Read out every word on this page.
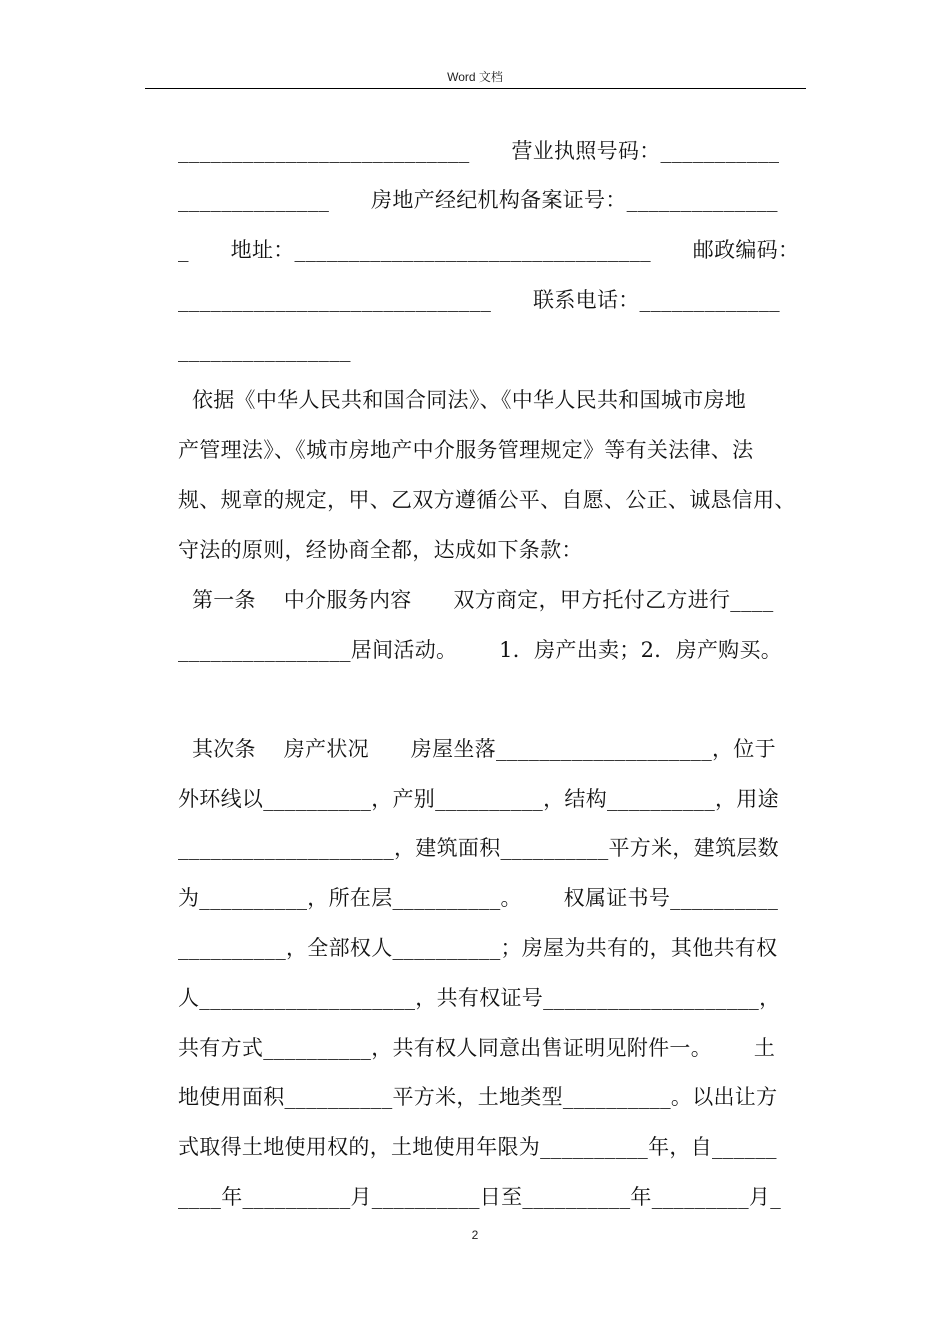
Word 文档
___________________________      营业执照号码：___________
______________      房地产经纪机构备案证号：______________
_      地址：_________________________________      邮政编码：
_____________________________      联系电话：_____________
________________
依据《中华人民共和国合同法》、《中华人民共和国城市房地
产管理法》、《城市房地产中介服务管理规定》等有关法律、法
规、规章的规定，甲、乙双方遵循公平、自愿、公正、诚恳信用、
守法的原则，经协商全都，达成如下条款：
第一条    中介服务内容      双方商定，甲方托付乙方进行____
________________居间活动。      1．房产出卖；2．房产购买。
其次条    房产状况      房屋坐落____________________，位于
外环线以__________，产别__________，结构__________，用途
____________________，建筑面积__________平方米，建筑层数
为__________，所在层__________。      权属证书号__________
__________，全部权人__________；房屋为共有的，其他共有权
人____________________，共有权证号____________________，
共有方式__________，共有权人同意出售证明见附件一。      土
地使用面积__________平方米，土地类型__________。以出让方
式取得土地使用权的，土地使用年限为__________年，自______
____年__________月__________日至__________年_________月_
2
